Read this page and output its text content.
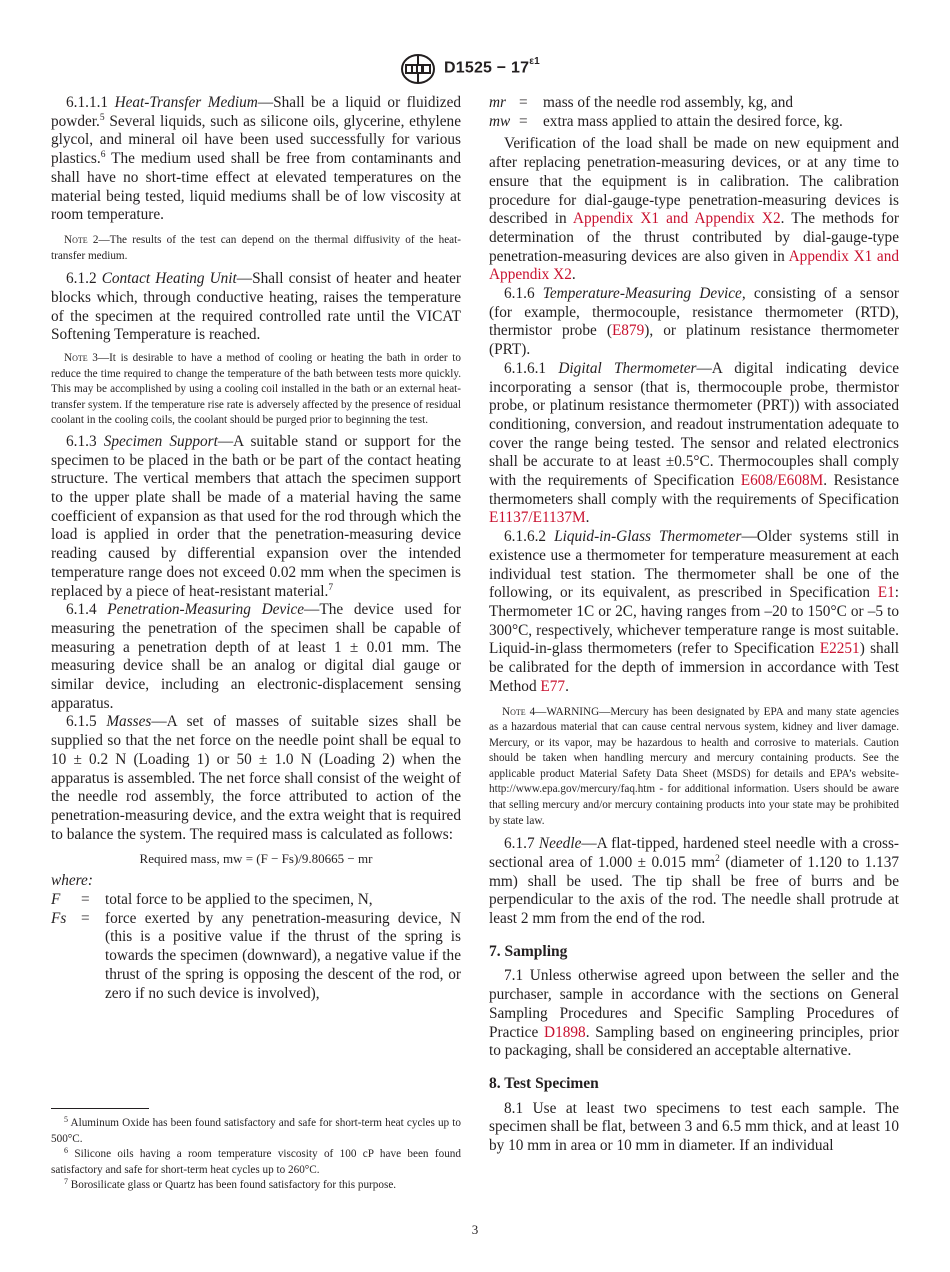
$D1525 - 17^{\varepsilon 1}$

6.1.1.1 Heat-Transfer Medium—Shall be a liquid or fluidized powder.$^5$ Several liquids, such as silicone oils, glycerine, ethylene glycol, and mineral oil have been used successfully for various plastics.$^6$ The medium used shall be free from contaminants and shall have no short-time effect at elevated temperatures on the material being tested, liquid mediums shall be of low viscosity at room temperature.

Note 2—The results of the test can depend on the thermal diffusivity of the heat-transfer medium.

6.1.2 Contact Heating Unit—Shall consist of heater and heater blocks which, through conductive heating, raises the temperature of the specimen at the required controlled rate until the VICAT Softening Temperature is reached.

Note 3—It is desirable to have a method of cooling or heating the bath in order to reduce the time required to change the temperature of the bath between tests more quickly. This may be accomplished by using a cooling coil installed in the bath or an external heat-transfer system. If the temperature rise rate is adversely affected by the presence of residual coolant in the cooling coils, the coolant should be purged prior to beginning the test.

6.1.3 Specimen Support—A suitable stand or support for the specimen to be placed in the bath or be part of the contact heating structure. The vertical members that attach the specimen support to the upper plate shall be made of a material having the same coefficient of expansion as that used for the rod through which the load is applied in order that the penetration-measuring device reading caused by differential expansion over the intended temperature range does not exceed 0.02 mm when the specimen is replaced by a piece of heat-resistant material.$^7$

6.1.4 Penetration-Measuring Device—The device used for measuring the penetration of the specimen shall be capable of measuring a penetration depth of at least 1 ± 0.01 mm. The measuring device shall be an analog or digital dial gauge or similar device, including an electronic-displacement sensing apparatus.

6.1.5 Masses—A set of masses of suitable sizes shall be supplied so that the net force on the needle point shall be equal to 10 ± 0.2 N (Loading 1) or 50 ± 1.0 N (Loading 2) when the apparatus is assembled. The net force shall consist of the weight of the needle rod assembly, the force attributed to action of the penetration-measuring device, and the extra weight that is required to balance the system. The required mass is calculated as follows:

Required mass, mw = (F − Fs)/9.80665 − mr

where:

F	=	total force to be applied to the specimen, N,
Fs	=	force exerted by any penetration-measuring device, N (this is a positive value if the thrust of the spring is towards the specimen (downward), a negative value if the thrust of the spring is opposing the descent of the rod, or zero if no such device is involved),
mr	=	mass of the needle rod assembly, kg, and
mw	=	extra mass applied to attain the desired force, kg.

Verification of the load shall be made on new equipment and after replacing penetration-measuring devices, or at any time to ensure that the equipment is in calibration. The calibration procedure for dial-gauge-type penetration-measuring devices is described in Appendix X1 and Appendix X2. The methods for determination of the thrust contributed by dial-gauge-type penetration-measuring devices are also given in Appendix X1 and Appendix X2.

6.1.6 Temperature-Measuring Device, consisting of a sensor (for example, thermocouple, resistance thermometer (RTD), thermistor probe (E879), or platinum resistance thermometer (PRT).

6.1.6.1 Digital Thermometer—A digital indicating device incorporating a sensor (that is, thermocouple probe, thermistor probe, or platinum resistance thermometer (PRT)) with associated conditioning, conversion, and readout instrumentation adequate to cover the range being tested. The sensor and related electronics shall be accurate to at least ±0.5°C. Thermocouples shall comply with the requirements of Specification E608/E608M. Resistance thermometers shall comply with the requirements of Specification E1137/E1137M.

6.1.6.2 Liquid-in-Glass Thermometer—Older systems still in existence use a thermometer for temperature measurement at each individual test station. The thermometer shall be one of the following, or its equivalent, as prescribed in Specification E1: Thermometer 1C or 2C, having ranges from –20 to 150°C or –5 to 300°C, respectively, whichever temperature range is most suitable. Liquid-in-glass thermometers (refer to Specification E2251) shall be calibrated for the depth of immersion in accordance with Test Method E77.

Note 4—WARNING—Mercury has been designated by EPA and many state agencies as a hazardous material that can cause central nervous system, kidney and liver damage. Mercury, or its vapor, may be hazardous to health and corrosive to materials. Caution should be taken when handling mercury and mercury containing products. See the applicable product Material Safety Data Sheet (MSDS) for details and EPA’s website- http://www.epa.gov/mercury/faq.htm - for additional information. Users should be aware that selling mercury and/or mercury containing products into your state may be prohibited by state law.

6.1.7 Needle—A flat-tipped, hardened steel needle with a cross-sectional area of 1.000 ± 0.015 mm$^2$ (diameter of 1.120 to 1.137 mm) shall be used. The tip shall be free of burrs and be perpendicular to the axis of the rod. The needle shall protrude at least 2 mm from the end of the rod.

7. Sampling

7.1 Unless otherwise agreed upon between the seller and the purchaser, sample in accordance with the sections on General Sampling Procedures and Specific Sampling Procedures of Practice D1898. Sampling based on engineering principles, prior to packaging, shall be considered an acceptable alternative.

8. Test Specimen

8.1 Use at least two specimens to test each sample. The specimen shall be flat, between 3 and 6.5 mm thick, and at least 10 by 10 mm in area or 10 mm in diameter. If an individual

$^5$ Aluminum Oxide has been found satisfactory and safe for short-term heat cycles up to 500°C.

$^6$ Silicone oils having a room temperature viscosity of 100 cP have been found satisfactory and safe for short-term heat cycles up to 260°C.

$^7$ Borosilicate glass or Quartz has been found satisfactory for this purpose.

3
